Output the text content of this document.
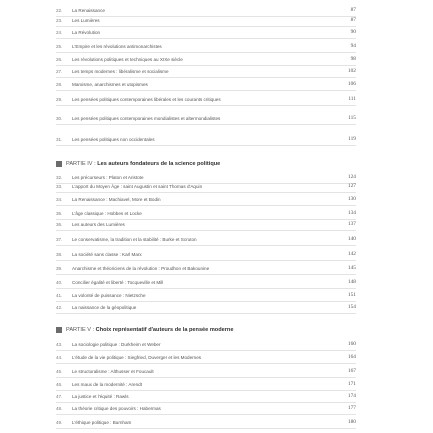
22.	La Renaissance	87
23.	Les Lumières	87
24.	La Révolution	90
25.	L'Empire et les révolutions antimonarchistes	94
26.	Les révolutions politiques et techniques au XIXe siècle	98
27.	Les temps modernes : libéralisme et socialisme	102
28.	Marxisme, anarchismes et utopismes	106
29.	Les pensées politiques contemporaines libérales et les courants critiques	111
30.	Les pensées politiques contemporaines mondialistes et altermondialistes	115
31.	Les pensées politiques non occidentales	119
PARTIE IV : Les auteurs fondateurs de la science politique
32.	Les précurseurs : Platon et Aristote	124
33.	L'apport du Moyen Âge : saint Augustin et saint Thomas d'Aquin	127
34.	La Renaissance : Machiavel, More et Bodin	130
35.	L'âge classique : Hobbes et Locke	134
36.	Les auteurs des Lumières	137
37.	Le conservatisme, la tradition et la stabilité : Burke et Scruton	140
38.	La société sans classe : Karl Marx	142
39.	Anarchisme et théoriciens de la révolution : Proudhon et Bakounine	145
40.	Concilier égalité et liberté : Tocqueville et Mill	148
41.	La volonté de puissance : Nietzsche	151
42.	La naissance de la géopolitique	154
PARTIE V : Choix représentatif d'auteurs de la pensée moderne
43.	La sociologie politique : Durkheim et Weber	160
44.	L'étude de la vie politique : Siegfried, Duverger et les Modernes	164
45.	Le structuralisme : Althusser et Foucault	167
46.	Les maux de la modernité : Arendt	171
47.	La justice et l'équité : Rawls	174
48.	La théorie critique des pouvoirs : Habermas	177
49.	L'éthique politique : Burnham	180
